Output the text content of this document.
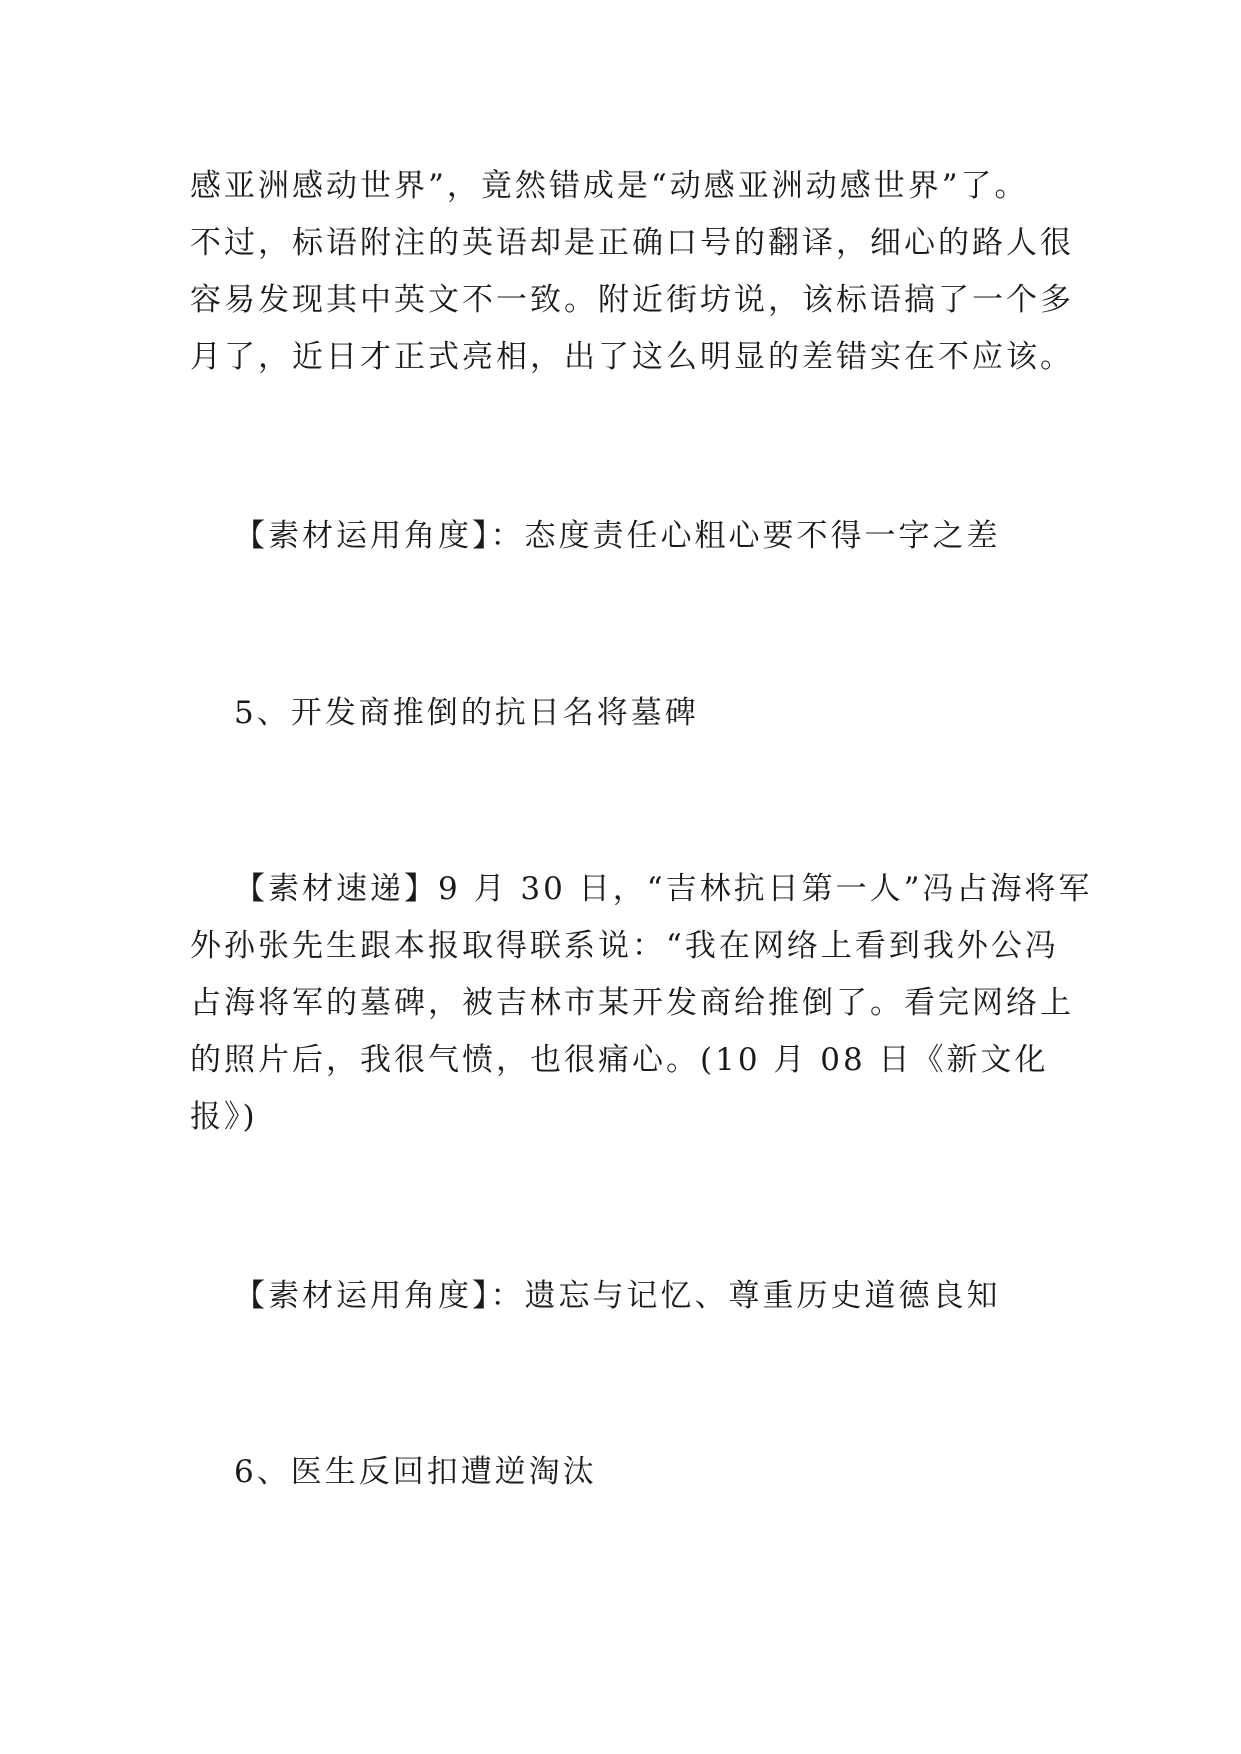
感亚洲感动世界”，竟然错成是“动感亚洲动感世界”了。
不过，标语附注的英语却是正确口号的翻译，细心的路人很
容易发现其中英文不一致。附近街坊说，该标语搞了一个多
月了，近日才正式亮相，出了这么明显的差错实在不应该。
【素材运用角度】：态度责任心粗心要不得一字之差
5、开发商推倒的抗日名将墓碑
【素材速递】9 月 30 日，“吉林抗日第一人”冯占海将军
外孙张先生跟本报取得联系说：“我在网络上看到我外公冯
占海将军的墓碑，被吉林市某开发商给推倒了。看完网络上
的照片后，我很气愤，也很痛心。(10 月 08 日《新文化
报》)
【素材运用角度】：遗忘与记忆、尊重历史道德良知
6、医生反回扣遭逆淘汰
